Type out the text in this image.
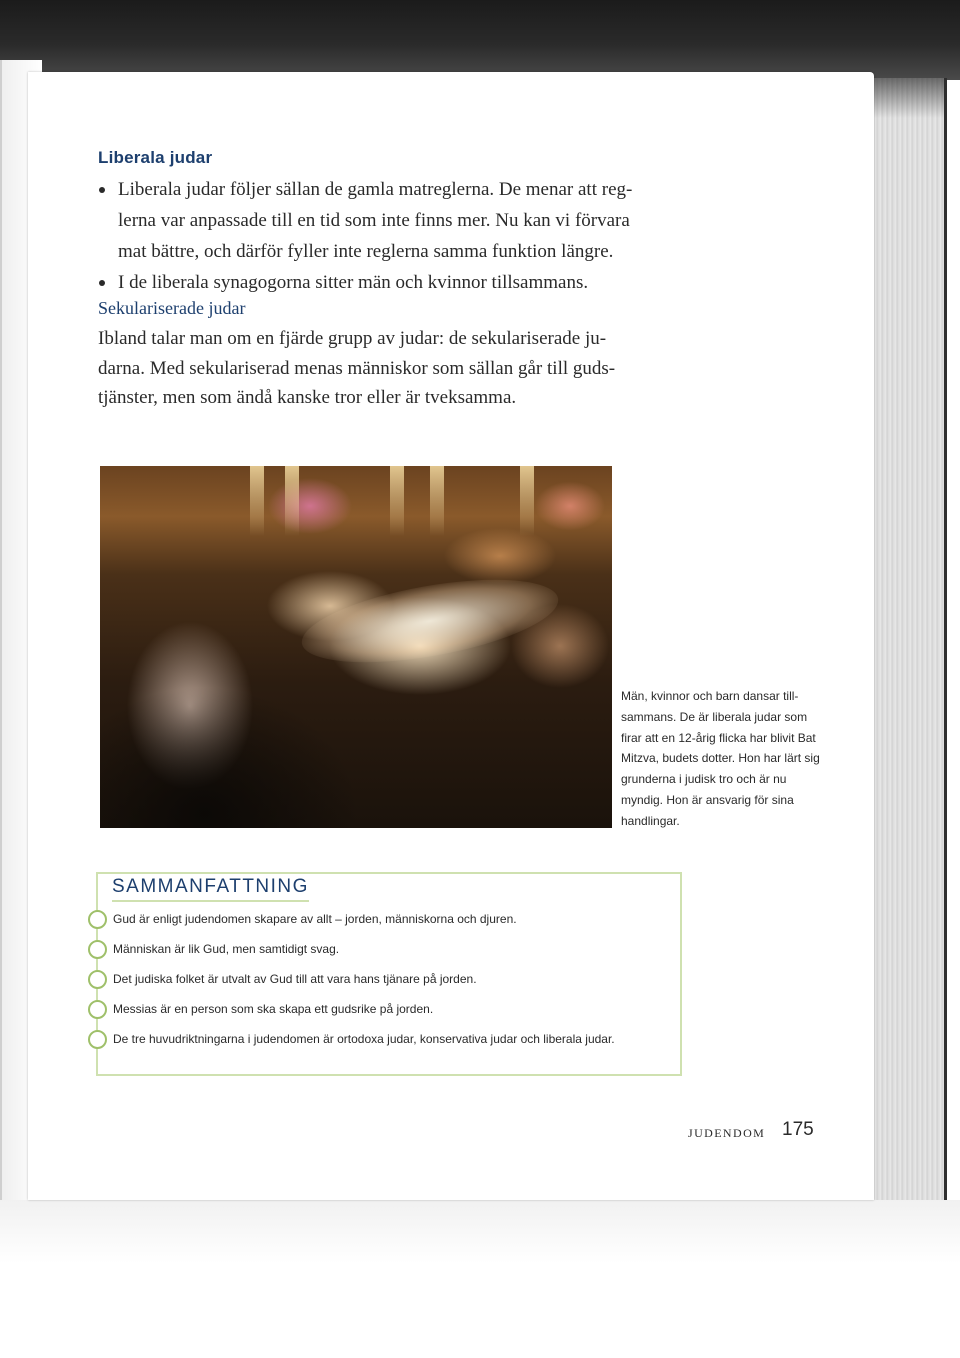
Liberala judar
Liberala judar följer sällan de gamla matreglerna. De menar att reg-lerna var anpassade till en tid som inte finns mer. Nu kan vi förvara mat bättre, och därför fyller inte reglerna samma funktion längre.
I de liberala synagogorna sitter män och kvinnor tillsammans.
Sekulariserade judar

Ibland talar man om en fjärde grupp av judar: de sekulariserade ju-darna. Med sekulariserad menas människor som sällan går till guds-tjänster, men som ändå kanske tror eller är tveksamma.

Män, kvinnor och barn dansar till-sammans. De är liberala judar som firar att en 12-årig flicka har blivit Bat Mitzva, budets dotter. Hon har lärt sig grunderna i judisk tro och är nu myndig. Hon är ansvarig för sina handlingar.

SAMMANFATTNING
Gud är enligt judendomen skapare av allt – jorden, människorna och djuren.
Människan är lik Gud, men samtidigt svag.
Det judiska folket är utvalt av Gud till att vara hans tjänare på jorden.
Messias är en person som ska skapa ett gudsrike på jorden.
De tre huvudriktningarna i judendomen är ortodoxa judar, konservativa judar och liberala judar.

JUDENDOM 175
